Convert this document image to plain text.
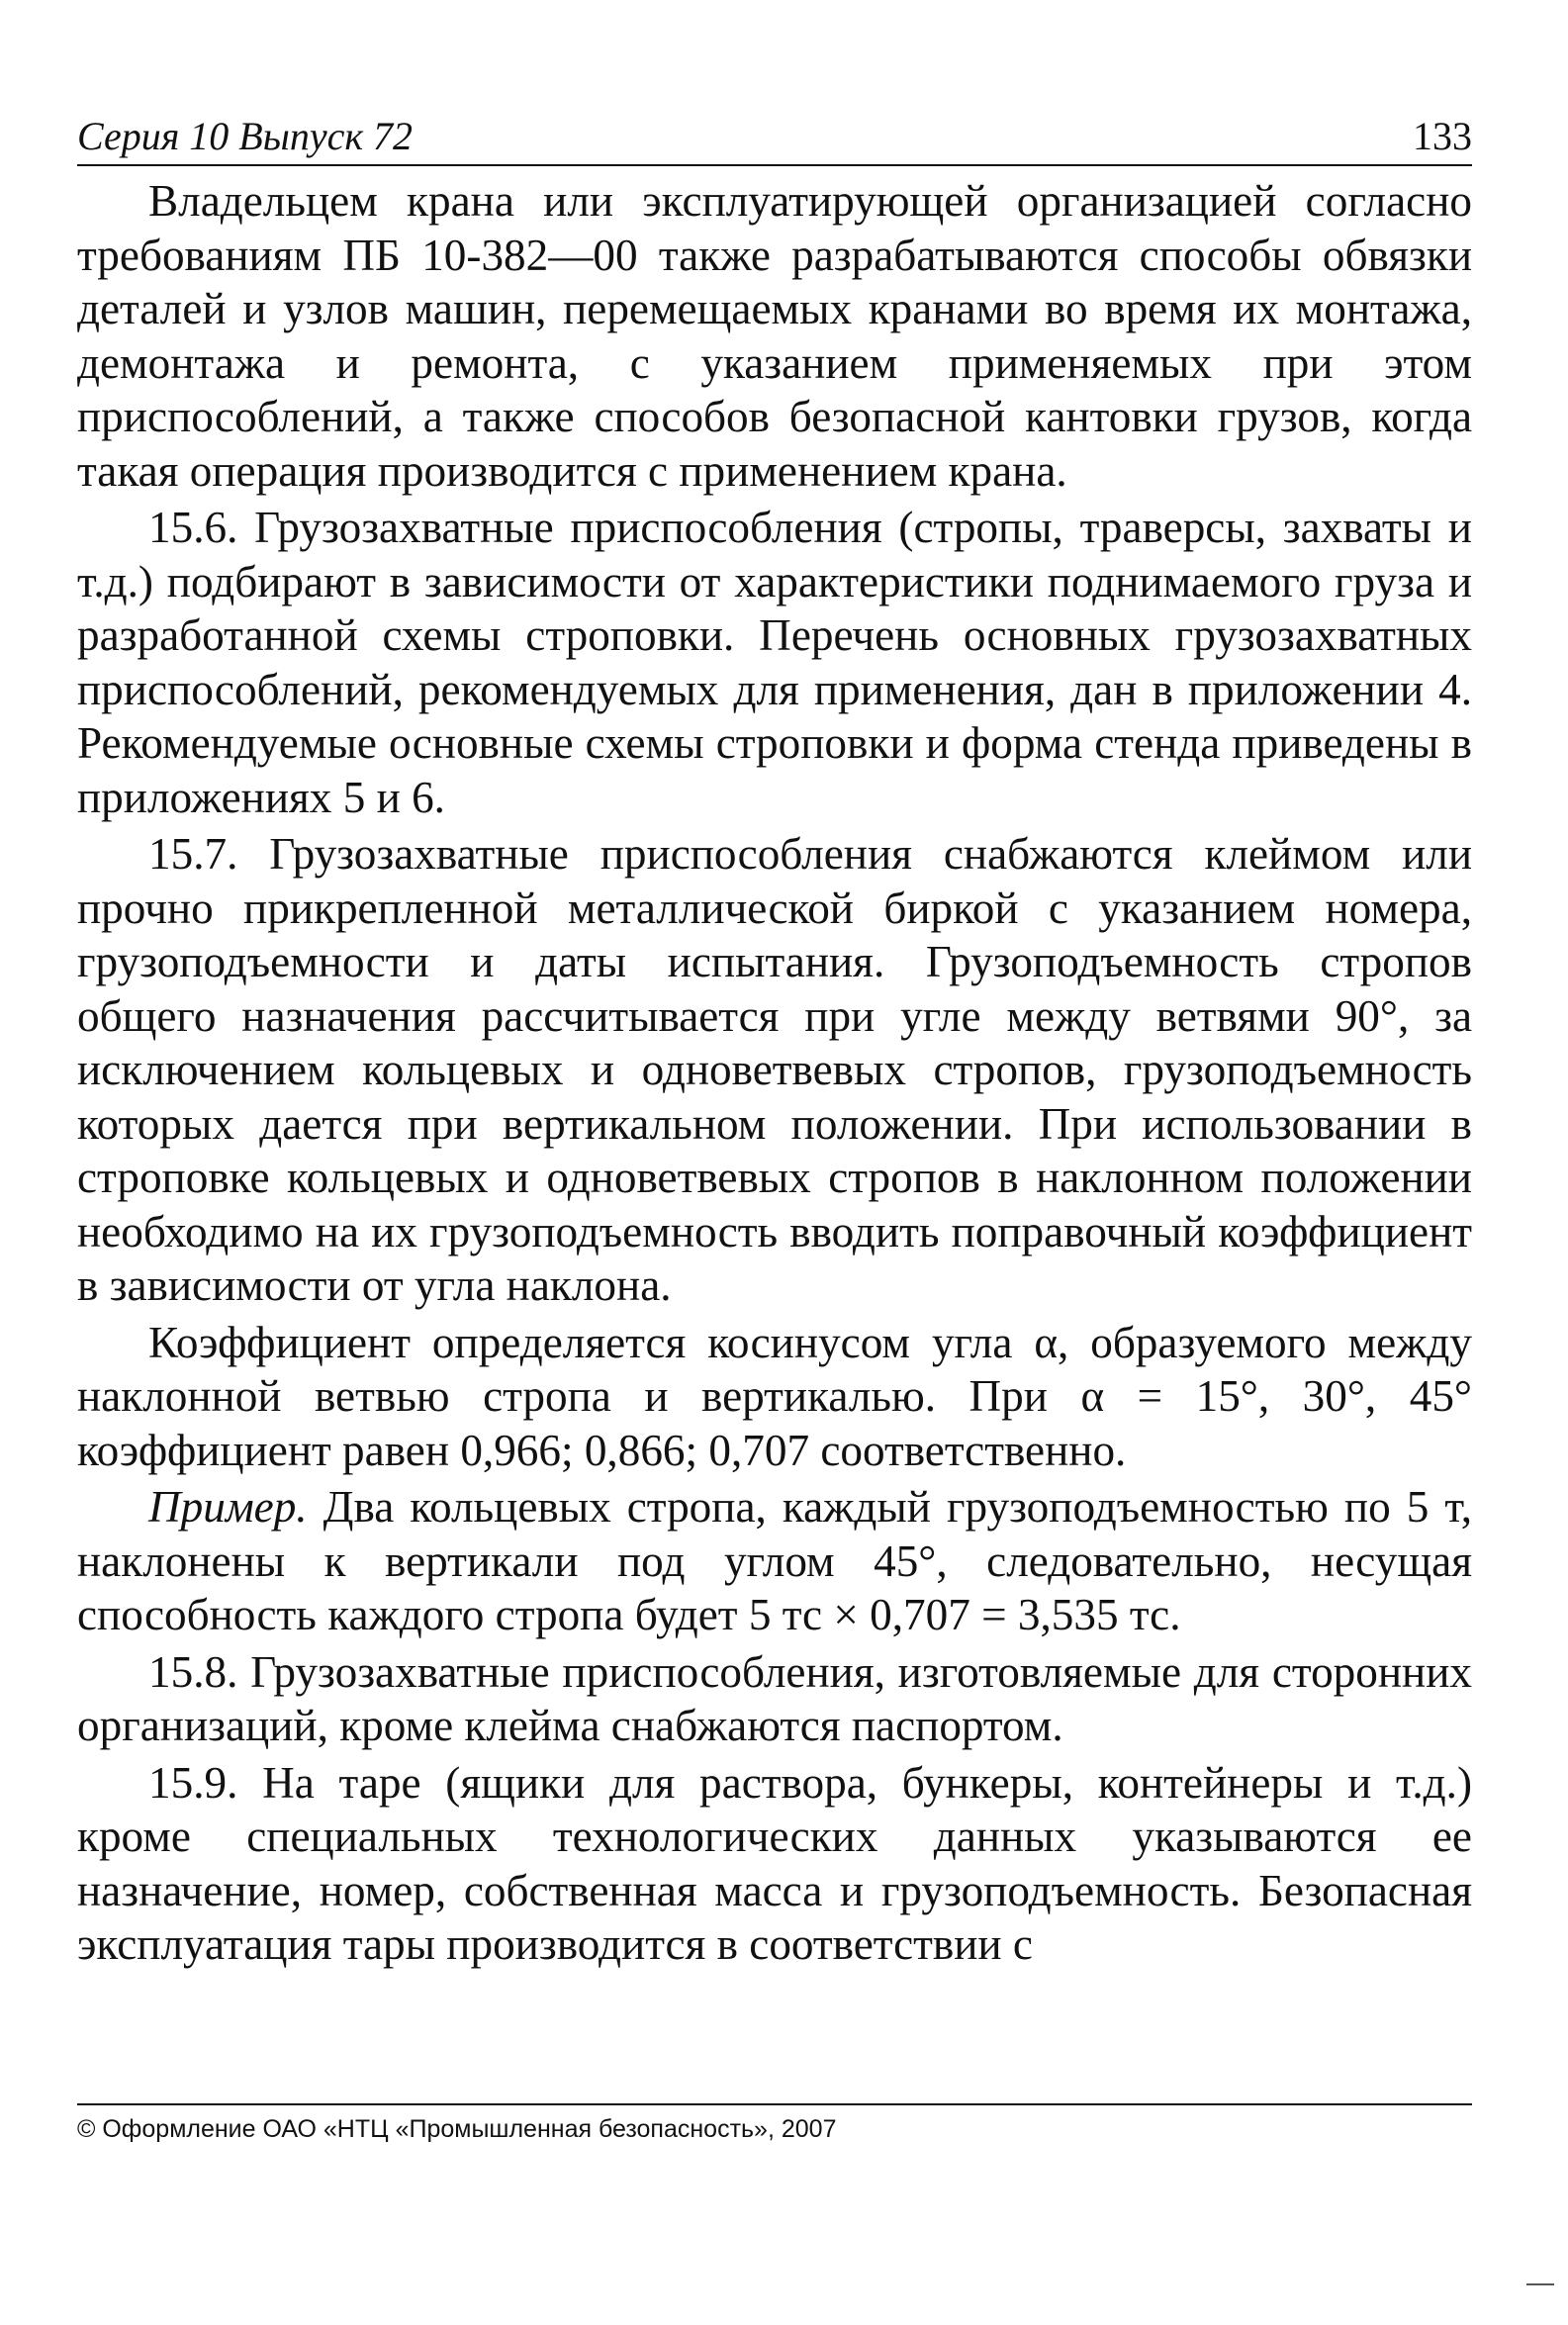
Серия 10 Выпуск 72	133

Владельцем крана или эксплуатирующей организацией согласно требованиям ПБ 10-382—00 также разрабатываются способы обвязки деталей и узлов машин, перемещаемых кранами во время их монтажа, демонтажа и ремонта, с указанием применяемых при этом приспособлений, а также способов безопасной кантовки грузов, когда такая операция производится с применением крана.

15.6. Грузозахватные приспособления (стропы, траверсы, захваты и т.д.) подбирают в зависимости от характеристики поднимаемого груза и разработанной схемы строповки. Перечень основных грузозахватных приспособлений, рекомендуемых для применения, дан в приложении 4. Рекомендуемые основные схемы строповки и форма стенда приведены в приложениях 5 и 6.

15.7. Грузозахватные приспособления снабжаются клеймом или прочно прикрепленной металлической биркой с указанием номера, грузоподъемности и даты испытания. Грузоподъемность стропов общего назначения рассчитывается при угле между ветвями 90°, за исключением кольцевых и одноветвевых стропов, грузоподъемность которых дается при вертикальном положении. При использовании в строповке кольцевых и одноветвевых стропов в наклонном положении необходимо на их грузоподъемность вводить поправочный коэффициент в зависимости от угла наклона.

Коэффициент определяется косинусом угла α, образуемого между наклонной ветвью стропа и вертикалью. При α = 15°, 30°, 45° коэффициент равен 0,966; 0,866; 0,707 соответственно.

Пример. Два кольцевых стропа, каждый грузоподъемностью по 5 т, наклонены к вертикали под углом 45°, следовательно, несущая способность каждого стропа будет 5 тс × 0,707 = 3,535 тс.

15.8. Грузозахватные приспособления, изготовляемые для сторонних организаций, кроме клейма снабжаются паспортом.

15.9. На таре (ящики для раствора, бункеры, контейнеры и т.д.) кроме специальных технологических данных указываются ее назначение, номер, собственная масса и грузоподъемность. Безопасная эксплуатация тары производится в соответствии с

© Оформление ОАО «НТЦ «Промышленная безопасность», 2007
